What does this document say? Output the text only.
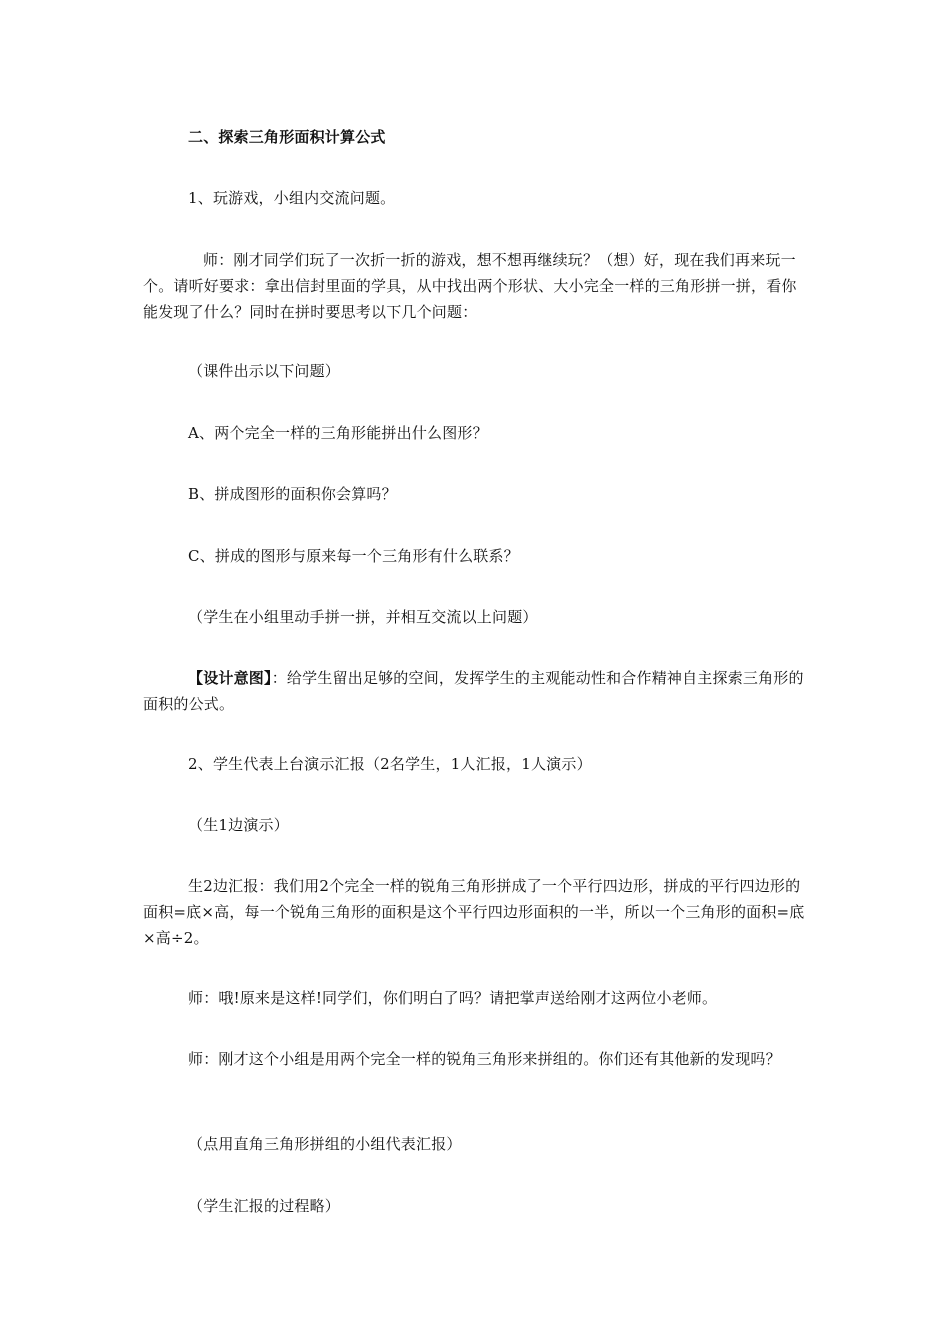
二、探索三角形面积计算公式
1、玩游戏，小组内交流问题。
师：刚才同学们玩了一次折一折的游戏，想不想再继续玩？（想）好，现在我们再来玩一个。请听好要求：拿出信封里面的学具，从中找出两个形状、大小完全一样的三角形拼一拼，看你能发现了什么？同时在拼时要思考以下几个问题：
（课件出示以下问题）
A、两个完全一样的三角形能拼出什么图形？
B、拼成图形的面积你会算吗？
C、拼成的图形与原来每一个三角形有什么联系？
（学生在小组里动手拼一拼，并相互交流以上问题）
【设计意图】：给学生留出足够的空间，发挥学生的主观能动性和合作精神自主探索三角形的面积的公式。
2、学生代表上台演示汇报（2名学生，1人汇报，1人演示）
（生1边演示）
生2边汇报：我们用2个完全一样的锐角三角形拼成了一个平行四边形，拼成的平行四边形的面积=底×高，每一个锐角三角形的面积是这个平行四边形面积的一半，所以一个三角形的面积=底×高÷2。
师：哦!原来是这样!同学们，你们明白了吗？请把掌声送给刚才这两位小老师。
师：刚才这个小组是用两个完全一样的锐角三角形来拼组的。你们还有其他新的发现吗？
（点用直角三角形拼组的小组代表汇报）
（学生汇报的过程略）
